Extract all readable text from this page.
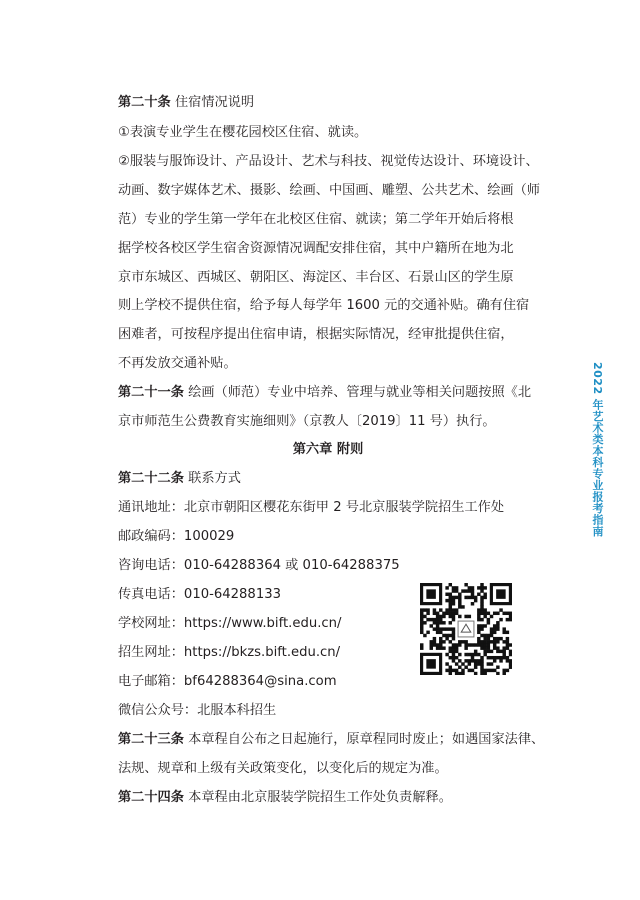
第二十条 住宿情况说明
①表演专业学生在樱花园校区住宿、就读。
②服装与服饰设计、产品设计、艺术与科技、视觉传达设计、环境设计、
动画、数字媒体艺术、摄影、绘画、中国画、雕塑、公共艺术、绘画（师
范）专业的学生第一学年在北校区住宿、就读；第二学年开始后将根
据学校各校区学生宿舍资源情况调配安排住宿，其中户籍所在地为北
京市东城区、西城区、朝阳区、海淀区、丰台区、石景山区的学生原
则上学校不提供住宿，给予每人每学年 1600 元的交通补贴。确有住宿
困难者，可按程序提出住宿申请，根据实际情况，经审批提供住宿，
不再发放交通补贴。
第二十一条 绘画（师范）专业中培养、管理与就业等相关问题按照《北
京市师范生公费教育实施细则》（京教人〔2019〕11 号）执行。
第六章 附则
第二十二条 联系方式
通讯地址：北京市朝阳区樱花东街甲 2 号北京服装学院招生工作处
邮政编码：100029
咨询电话：010-64288364 或 010-64288375
传真电话：010-64288133
学校网址：https://www.bift.edu.cn/
招生网址：https://bkzs.bift.edu.cn/
电子邮箱：bf64288364@sina.com
微信公众号：北服本科招生
第二十三条 本章程自公布之日起施行，原章程同时废止；如遇国家法律、
法规、规章和上级有关政策变化，以变化后的规定为准。
第二十四条 本章程由北京服装学院招生工作处负责解释。
2022 年艺术类本科专业报考指南
